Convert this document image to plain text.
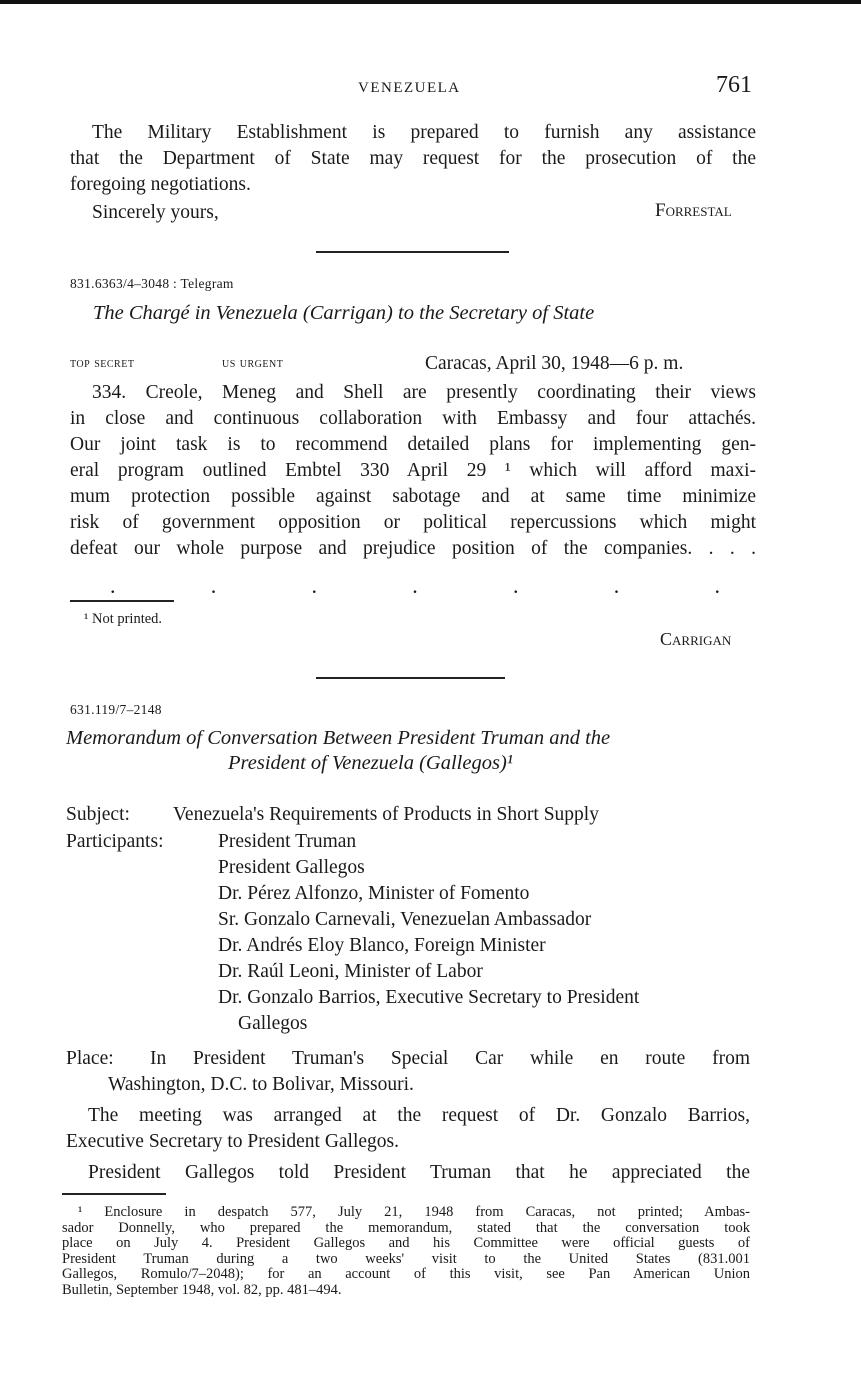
VENEZUELA	761
The Military Establishment is prepared to furnish any assistance
that the Department of State may request for the prosecution of the
foregoing negotiations.
Sincerely yours,	Forrestal
831.6363/4–3048 : Telegram
The Chargé in Venezuela (Carrigan) to the Secretary of State
top secret	us urgent	Caracas, April 30, 1948—6 p. m.
334. Creole, Meneg and Shell are presently coordinating their views
in close and continuous collaboration with Embassy and four attachés.
Our joint task is to recommend detailed plans for implementing gen-
eral program outlined Embtel 330 April 29 ¹ which will afford maxi-
mum protection possible against sabotage and at same time minimize
risk of government opposition or political repercussions which might
defeat our whole purpose and prejudice position of the companies. . . .
.	.	.	.	.	.	.
¹ Not printed.
Carrigan
631.119/7–2148
Memorandum of Conversation Between President Truman and the
President of Venezuela (Gallegos)¹
Subject: Venezuela's Requirements of Products in Short Supply
Participants:	President Truman
President Gallegos
Dr. Pérez Alfonzo, Minister of Fomento
Sr. Gonzalo Carnevali, Venezuelan Ambassador
Dr. Andrés Eloy Blanco, Foreign Minister
Dr. Raúl Leoni, Minister of Labor
Dr. Gonzalo Barrios, Executive Secretary to President
Gallegos
Place: In President Truman's Special Car while en route from
Washington, D.C. to Bolivar, Missouri.
The meeting was arranged at the request of Dr. Gonzalo Barrios,
Executive Secretary to President Gallegos.
President Gallegos told President Truman that he appreciated the
¹ Enclosure in despatch 577, July 21, 1948 from Caracas, not printed; Ambas-
sador Donnelly, who prepared the memorandum, stated that the conversation took
place on July 4. President Gallegos and his Committee were official guests of
President Truman during a two weeks' visit to the United States (831.001
Gallegos, Romulo/7–2048); for an account of this visit, see Pan American Union
Bulletin, September 1948, vol. 82, pp. 481–494.
